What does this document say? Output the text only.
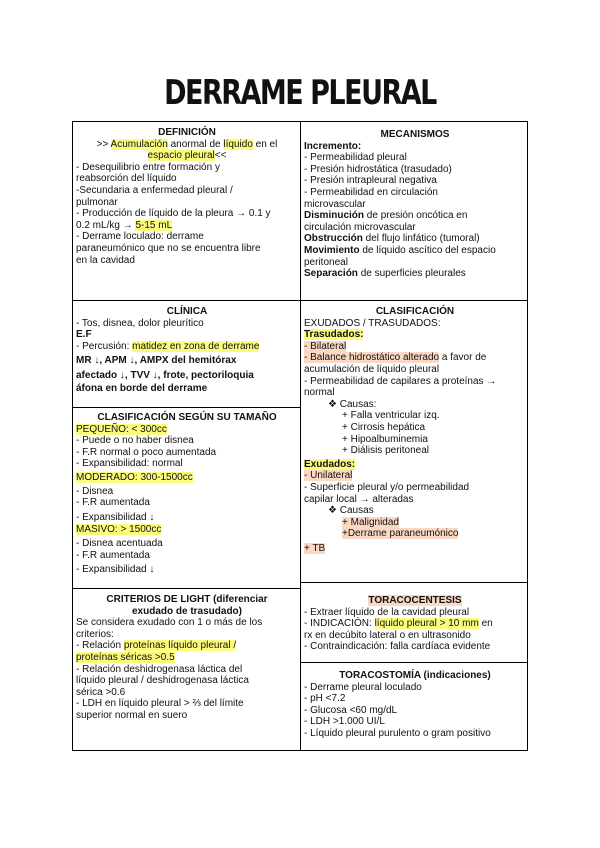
DERRAME PLEURAL
DEFINICIÓN
>> Acumulación anormal de líquido en el
espacio pleural<<
- Desequilibrio entre formación y
reabsorción del líquido
-Secundaria a enfermedad pleural /
pulmonar
- Producción de líquido de la pleura → 0.1 y
0.2 mL/kg → 5-15 mL
- Derrame loculado: derrame
paraneumónico que no se encuentra libre
en la cavidad
MECANISMOS
Incremento:
- Permeabilidad pleural
- Presión hidrostática (trasudado)
- Presión intrapleural negativa
- Permeabilidad en circulación
microvascular
Disminución de presión oncótica en
circulación microvascular
Obstrucción del flujo linfático (tumoral)
Movimiento de líquido ascítico del espacio
peritoneal
Separación de superficies pleurales
CLÍNICA
- Tos, disnea, dolor pleurítico
E.F
- Percusión: matidez en zona de derrame
MR ↓, APM ↓, AMPX del hemitórax
afectado ↓, TVV ↓, frote, pectoriloquia
áfona en borde del derrame
CLASIFICACIÓN SEGÚN SU TAMAÑO
PEQUEÑO: < 300cc
- Puede o no haber disnea
- F.R normal o poco aumentada
- Expansibilidad: normal
MODERADO: 300-1500cc
- Disnea
- F.R aumentada
- Expansibilidad ↓
MASIVO: > 1500cc
- Disnea acentuada
- F.R aumentada
- Expansibilidad ↓
CLASIFICACIÓN
EXUDADOS / TRASUDADOS:
Trasudados:
- Bilateral
- Balance hidrostático alterado a favor de
acumulación de líquido pleural
- Permeabilidad de capilares a proteínas →
normal
❖ Causas:
+ Falla ventricular izq.
+ Cirrosis hepática
+ Hipoalbuminemia
+ Diálisis peritoneal
Exudados:
- Unilateral
- Superficie pleural y/o permeabilidad
capilar local → alteradas
❖ Causas
+ Malignidad
+Derrame paraneumónico
+ TB
CRITERIOS DE LIGHT (diferenciar
exudado de trasudado)
Se considera exudado con 1 o más de los
criterios:
- Relación proteínas líquido pleural /
proteínas séricas >0.5
- Relación deshidrogenasa láctica del
líquido pleural / deshidrogenasa láctica
sérica >0.6
- LDH en líquido pleural > ⅔ del límite
superior normal en suero
TORACOCENTESIS
- Extraer líquido de la cavidad pleural
- INDICACIÓN: líquido pleural > 10 mm en
rx en decúbito lateral o en ultrasonido
- Contraindicación: falla cardíaca evidente
TORACOSTOMÍA (indicaciones)
- Derrame pleural loculado
- pH <7.2
- Glucosa <60 mg/dL
- LDH >1.000 UI/L
- Líquido pleural purulento o gram positivo
